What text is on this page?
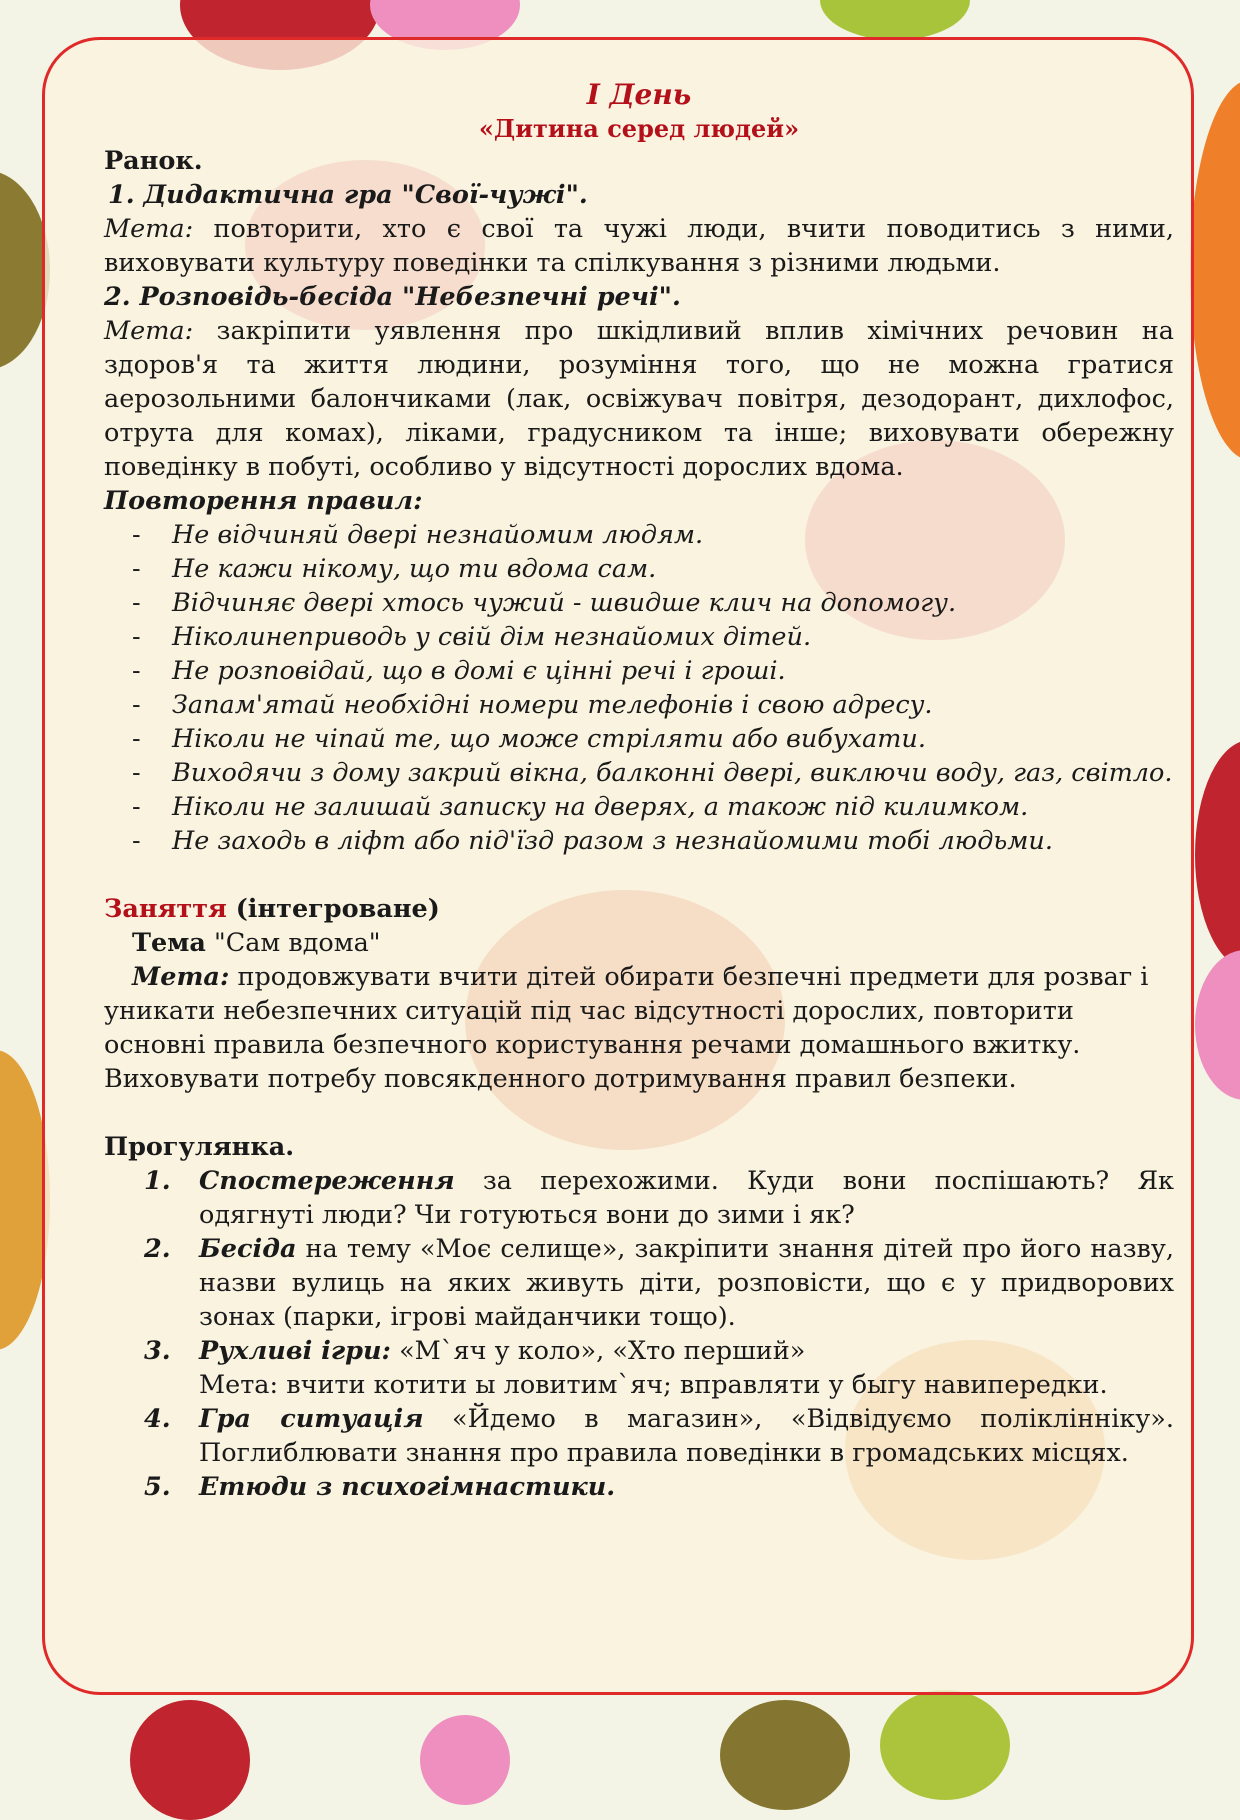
І День
«Дитина серед людей»
Ранок.
1. Дидактична гра "Свої-чужі".
Мета: повторити, хто є свої та чужі люди, вчити поводитись з ними, виховувати культуру поведінки та спілкування з різними людьми.
2. Розповідь-бесіда "Небезпечні речі".
Мета: закріпити уявлення про шкідливий вплив хімічних речовин на здоров'я та життя людини, розуміння того, що не можна гратися аерозольними балончиками (лак, освіжувач повітря, дезодорант, дихлофос, отрута для комах), ліками, градусником та інше; виховувати обережну поведінку в побуті, особливо у відсутності дорослих вдома.
Повторення правил:
- Не відчиняй двері незнайомим людям.
- Не кажи нікому, що ти вдома сам.
- Відчиняє двері хтось чужий - швидше клич на допомогу.
- Ніколинеприводь у свій дім незнайомих дітей.
- Не розповідай, що в домі є цінні речі і гроші.
- Запам'ятай необхідні номери телефонів і свою адресу.
- Ніколи не чіпай те, що може стріляти або вибухати.
- Виходячи з дому закрий вікна, балконні двері, виключи воду, газ, світло.
- Ніколи не залишай записку на дверях, а також під килимком.
- Не заходь в ліфт або під'їзд разом з незнайомими тобі людьми.
Заняття (інтегроване)
Тема "Сам вдома"
Мета: продовжувати вчити дітей обирати безпечні предмети для розваг і уникати небезпечних ситуацій під час відсутності дорослих, повторити основні правила безпечного користування речами домашнього вжитку. Виховувати потребу повсякденного дотримування правил безпеки.
Прогулянка.
1. Спостереження за перехожими. Куди вони поспішають? Як одягнуті люди? Чи готуються вони до зими і як?
2. Бесіда на тему «Моє селище», закріпити знання дітей про його назву, назви вулиць на яких живуть діти, розповісти, що є у придворових зонах (парки, ігрові майданчики тощо).
3. Рухливі ігри: «М`яч у коло», «Хто перший»
Мета: вчити котити ы ловитим`яч; вправляти у быгу навипередки.
4. Гра ситуація «Йдемо в магазин», «Відвідуємо поліклінніку». Поглиблювати знання про правила поведінки в громадських місцях.
5. Етюди з психогімнастики.
